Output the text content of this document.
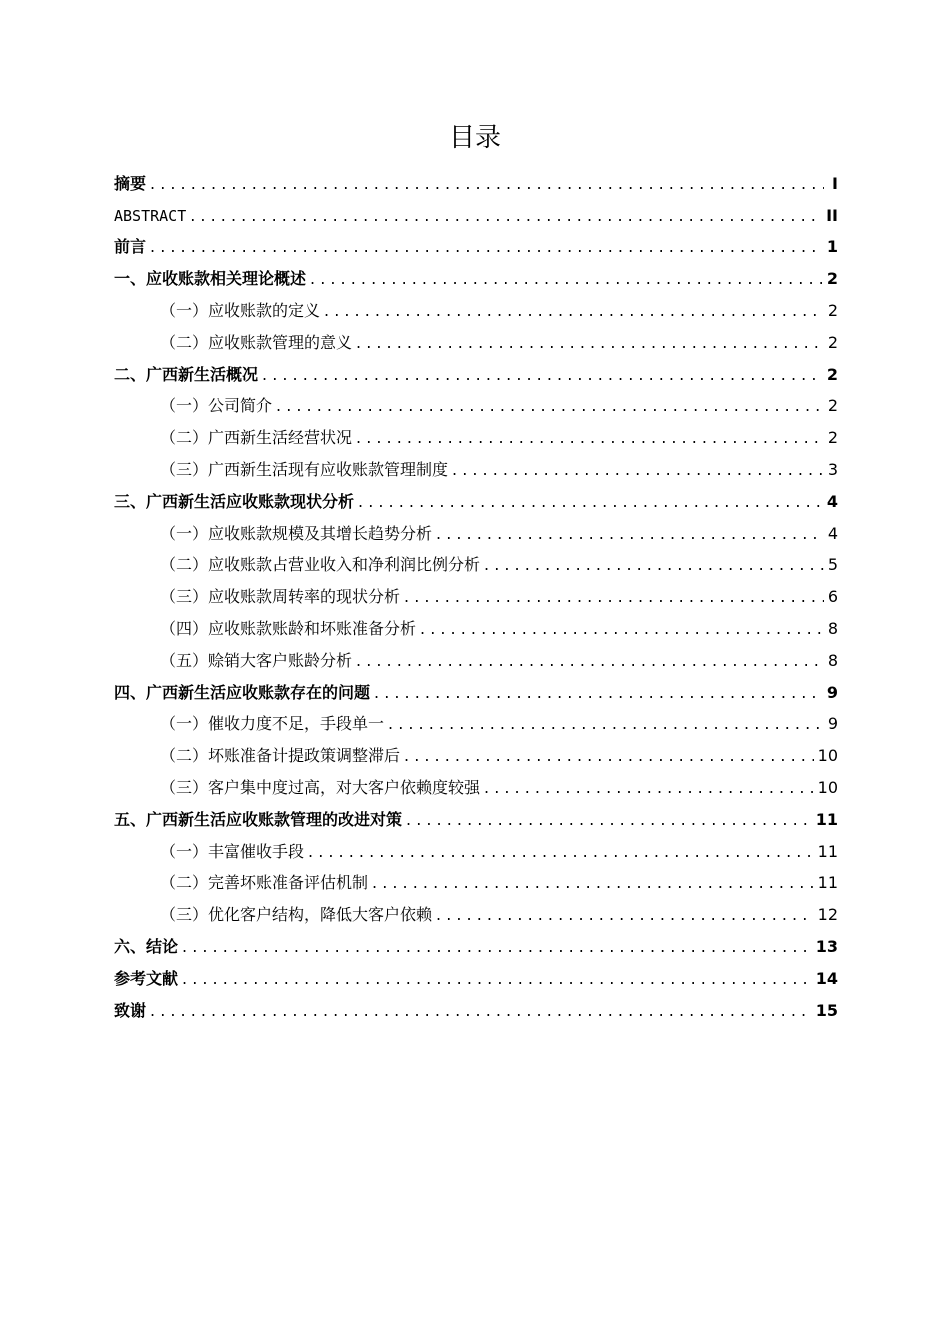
目录
摘要 . . .	I
ABSTRACT . . .	II
前言 . . .	1
一、 应收账款相关理论概述 . . .	2
（一） 应收账款的定义 . . .	2
（二） 应收账款管理的意义 . . .	2
二、 广西新生活概况 . . .	2
（一） 公司简介 . . .	2
（二） 广西新生活经营状况 . . .	2
（三） 广西新生活现有应收账款管理制度 . . .	3
三、 广西新生活应收账款现状分析 . . .	4
（一） 应收账款规模及其增长趋势分析 . . .	4
（二） 应收账款占营业收入和净利润比例分析 . . .	5
（三） 应收账款周转率的现状分析 . . .	6
（四） 应收账款账龄和坏账准备分析 . . .	8
（五） 赊销大客户账龄分析 . . .	8
四、 广西新生活应收账款存在的问题 . . .	9
（一） 催收力度不足，手段单一 . . .	9
（二） 坏账准备计提政策调整滞后 . . .	10
（三） 客户集中度过高，对大客户依赖度较强 . . .	10
五、 广西新生活应收账款管理的改进对策 . . .	11
（一） 丰富催收手段 . . .	11
（二） 完善坏账准备评估机制 . . .	11
（三） 优化客户结构，降低大客户依赖 . . .	12
六、 结论 . . .	13
参考文献 . . .	14
致谢 . . .	15
